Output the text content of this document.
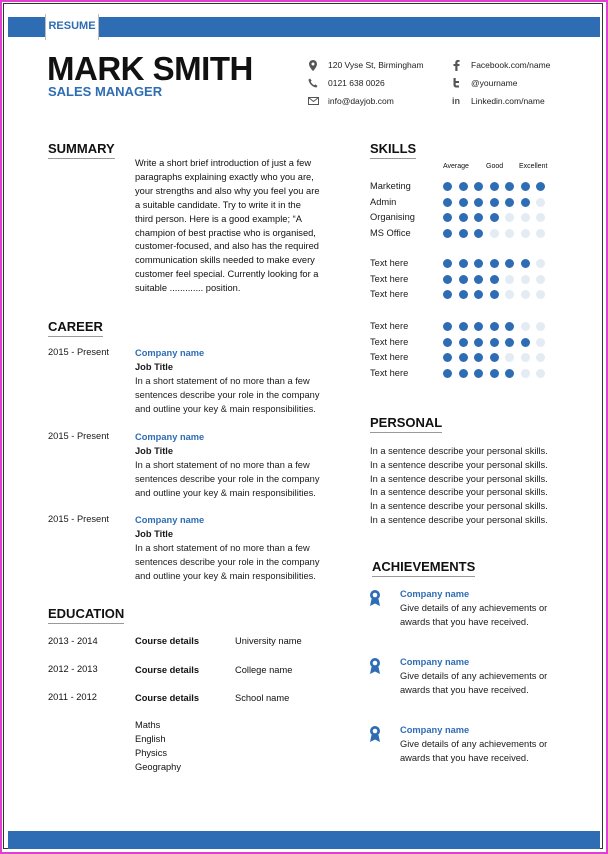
RESUME
MARK SMITH
SALES MANAGER
120 Vyse St, Birmingham
0121 638 0026
info@dayjob.com
Facebook.com/name
@yourname
in	Linkedin.com/name
SUMMARY
Write a short brief introduction of just a few
paragraphs explaining exactly who you are,
your strengths and also why you feel you are
a suitable candidate. Try to write it in the
third person. Here is a good example; “A
champion of best practise who is organised,
customer-focused, and also has the required
communication skills needed to make every
customer feel special. Currently looking for a
suitable ............. position.
CAREER
2015 - Present	Company name
Job Title
In a short statement of no more than a few
sentences describe your role in the company
and outline your key & main responsibilities.
2015 - Present	Company name
Job Title
In a short statement of no more than a few
sentences describe your role in the company
and outline your key & main responsibilities.
2015 - Present	Company name
Job Title
In a short statement of no more than a few
sentences describe your role in the company
and outline your key & main responsibilities.
EDUCATION
2013 - 2014	Course details	University name
2012 - 2013	Course details	College name
2011 - 2012	Course details	School name
Maths
English
Physics
Geography
SKILLS
Average Good Excellent
Marketing
Admin
Organising
MS Office
Text here
Text here
Text here
Text here
Text here
Text here
Text here
PERSONAL
In a sentence describe your personal skills.
In a sentence describe your personal skills.
In a sentence describe your personal skills.
In a sentence describe your personal skills.
In a sentence describe your personal skills.
In a sentence describe your personal skills.
ACHIEVEMENTS
Company name
Give details of any achievements or
awards that you have received.
Company name
Give details of any achievements or
awards that you have received.
Company name
Give details of any achievements or
awards that you have received.
